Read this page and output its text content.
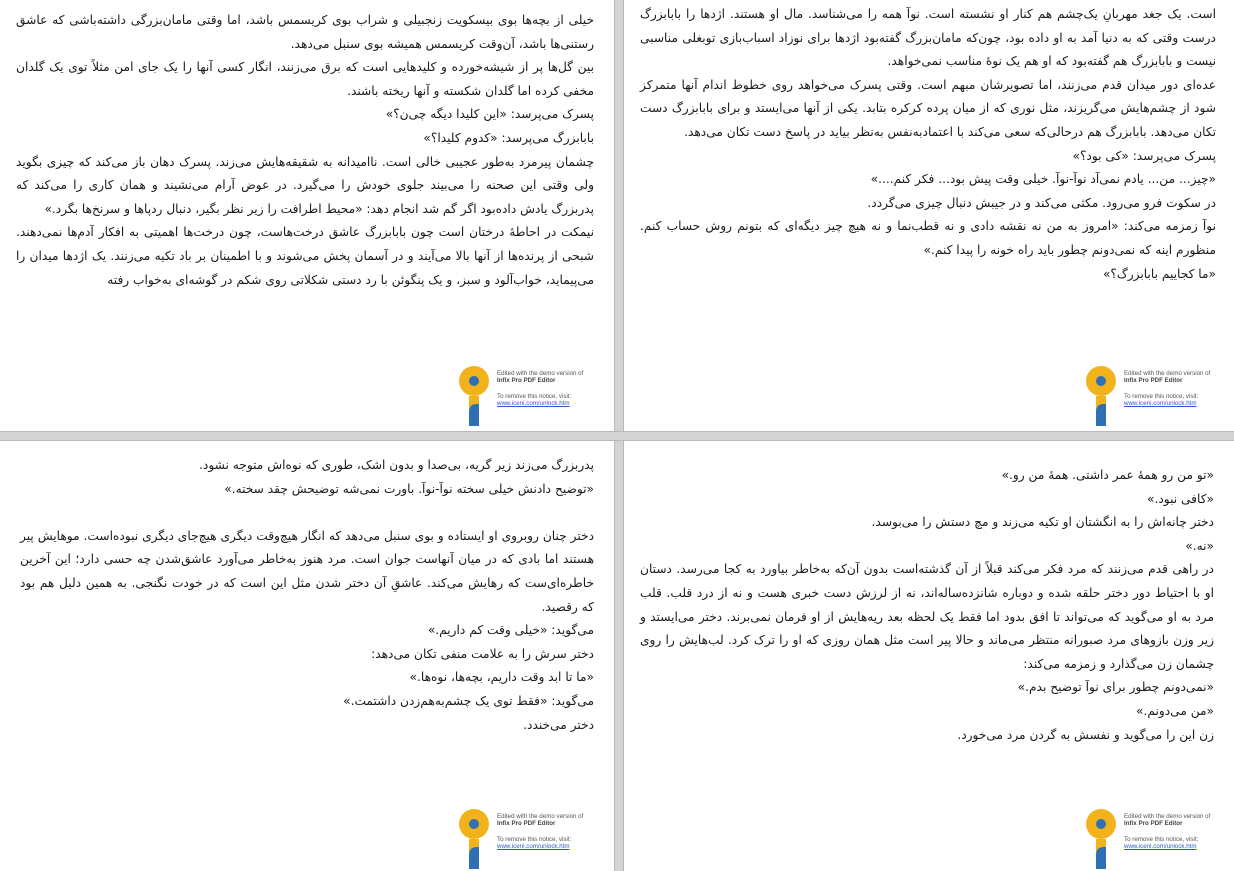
خیلی از بچه‌ها بوی بیسکویت زنجبیلی و شراب بوی کریسمس باشد، اما وقتی مامان‌بزرگی داشته‌باشی که عاشق رستنی‌ها باشد، آن‌وقت کریسمس همیشه بوی سنبل می‌دهد.

بین گل‌ها پر از شیشه‌خورده و کلیدهایی است که برق می‌زنند، انگار کسی آنها را یک جای امن مثلاً توی یک گلدان مخفی کرده اما گلدان شکسته و آنها ریخته باشند.

پسرک می‌پرسد: «این کلیدا دیگه چی‌ن؟»

بابابزرگ می‌پرسد: «کدوم کلیدا؟»

چشمان پیرمرد به‌طور عجیبی خالی است. ناامیدانه به شقیقه‌هایش می‌زند. پسرک دهان باز می‌کند که چیزی بگوید ولی وقتی این صحنه را می‌بیند جلوی خودش را می‌گیرد. در عوض آرام می‌نشیند و همان کاری را می‌کند که پدربزرگ یادش داده‌بود اگر گم شد انجام دهد: «محیط اطرافت را زیر نظر بگیر، دنبال ردپاها و سرنخ‌ها بگرد.»

نیمکت در احاطهٔ درختان است چون بابابزرگ عاشق درخت‌هاست، چون درخت‌ها اهمیتی به افکار آدم‌ها نمی‌دهند. شبحی از پرنده‌ها از آنها بالا می‌آیند و در آسمان پخش می‌شوند و با اطمینان بر باد تکیه می‌زنند. یک اژدها میدان را می‌پیماید، خواب‌آلود و سبز، و یک پنگوئن با رد دستی شکلاتی روی شکم در گوشه‌ای به‌خواب رفته

Edited with the demo version of
Infix Pro PDF Editor
To remove this notice, visit:
www.iceni.com/unlock.htm

است. یک جغد مهربانِ یک‌چشم هم کنار او نشسته است. نوآ همه را می‌شناسد. مال او هستند. اژدها را بابابزرگ درست وقتی که به دنیا آمد به او داده بود، چون‌که مامان‌بزرگ گفته‌بود اژدها برای نوزاد اسباب‌بازی توبغلی مناسبی نیست و بابابزرگ هم گفته‌بود که او هم یک نوهٔ مناسب نمی‌خواهد.

عده‌ای دور میدان قدم می‌زنند، اما تصویرشان مبهم است. وقتی پسرک می‌خواهد روی خطوط اندام آنها متمرکز شود از چشم‌هایش می‌گریزند، مثل نوری که از میان پرده کرکره بتابد. یکی از آنها می‌ایستد و برای بابابزرگ دست تکان می‌دهد. بابابزرگ هم درحالی‌که سعی می‌کند با اعتمادبه‌نفس به‌نظر بیاید در پاسخ دست تکان می‌دهد.

پسرک می‌پرسد: «کی بود؟»

«چیز... من... یادم نمی‌آد نوآ-نوآ. خیلی وقت پیش بود... فکر کنم....»

در سکوت فرو می‌رود. مکثی می‌کند و در جیبش دنبال چیزی می‌گردد.

نوآ زمزمه می‌کند: «امروز به من نه نقشه دادی و نه قطب‌نما و نه هیچ چیز دیگه‌ای که بتونم روش حساب کنم. منظورم اینه که نمی‌دونم چطور باید راه خونه را پیدا کنم.»

«ما کجاییم بابابزرگ؟»

Edited with the demo version of
Infix Pro PDF Editor
To remove this notice, visit:
www.iceni.com/unlock.htm

پدربزرگ می‌زند زیر گریه، بی‌صدا و بدون اشک، طوری که نوه‌اش متوجه نشود.

«توضیح دادنش خیلی سخته نوآ-نوآ. باورت نمی‌شه توضیحش چقد سخته.»

دختر چنان روبروی او ایستاده و بوی سنبل می‌دهد که انگار هیچ‌وقت دیگری هیچ‌جای دیگری نبوده‌است. موهایش پیر هستند اما بادی که در میان آنهاست جوان است. مرد هنوز به‌خاطر می‌آورد عاشق‌شدن چه حسی دارد؛ این آخرین خاطره‌ای‌ست که رهایش می‌کند. عاشقِ آن دختر شدن مثل این است که در خودت نگنجی. به همین دلیل هم بود که رقصید.

می‌گوید: «خیلی وقت کم داریم.»

دختر سرش را به علامت منفی تکان می‌دهد:

«ما تا ابد وقت داریم، بچه‌ها، نوه‌ها.»

می‌گوید: «فقط توی یک چشم‌به‌هم‌زدن داشتمت.»

دختر می‌خندد.

Edited with the demo version of
Infix Pro PDF Editor
To remove this notice, visit:
www.iceni.com/unlock.htm

«تو من رو همهٔ عمر داشتی. همهٔ من رو.»

«کافی نبود.»

دختر چانه‌اش را به انگشتان او تکیه می‌زند و مچ دستش را می‌بوسد.

«نه.»

در راهی قدم می‌زنند که مرد فکر می‌کند قبلاً از آن گذشته‌است بدون آن‌که به‌خاطر بیاورد به کجا می‌رسد. دستان او با احتیاط دور دختر حلقه شده و دوباره شانزده‌ساله‌اند، نه از لرزش دست خبری هست و نه از درد قلب. قلب مرد به او می‌گوید که می‌تواند تا افق بدود اما فقط یک لحظه بعد ریه‌هایش از او فرمان نمی‌برند. دختر می‌ایستد و زیر وزن بازوهای مرد صبورانه منتظر می‌ماند و حالا پیر است مثل همان روزی که او را ترک کرد. لب‌هایش را روی چشمان زن می‌گذارد و زمزمه می‌کند:

«نمی‌دونم چطور برای نوآ توضیح بدم.»

«من می‌دونم.»

زن این را می‌گوید و نفسش به گردن مرد می‌خورد.

Edited with the demo version of
Infix Pro PDF Editor
To remove this notice, visit:
www.iceni.com/unlock.htm
